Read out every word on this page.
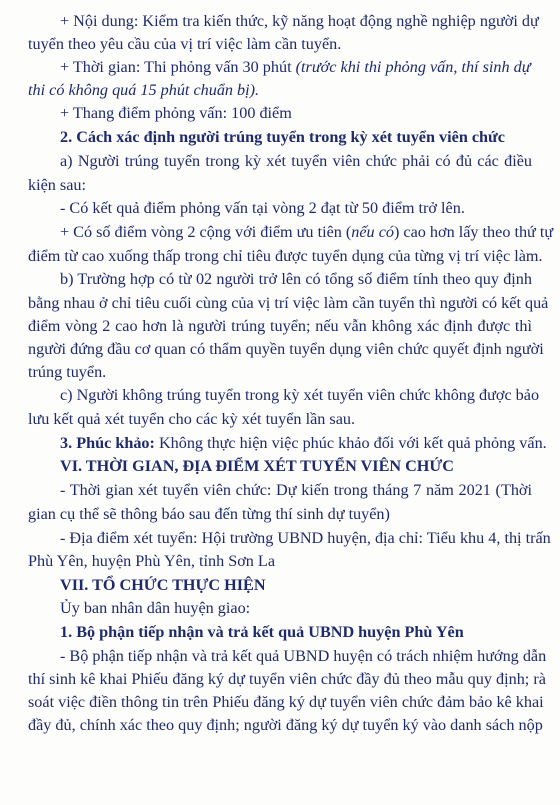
+ Nội dung: Kiểm tra kiến thức, kỹ năng hoạt động nghề nghiệp người dự
tuyển theo yêu cầu của vị trí việc làm cần tuyển.
+ Thời gian: Thi phỏng vấn 30 phút (trước khi thi phỏng vấn, thí sinh dự
thi có không quá 15 phút chuẩn bị).
+ Thang điểm phỏng vấn: 100 điểm
2. Cách xác định người trúng tuyển trong kỳ xét tuyển viên chức
a) Người trúng tuyển trong kỳ xét tuyển viên chức phải có đủ các điều
kiện sau:
- Có kết quả điểm phỏng vấn tại vòng 2 đạt từ 50 điểm trở lên.
+ Có số điểm vòng 2 cộng với điểm ưu tiên (nếu có) cao hơn lấy theo thứ tự
điểm từ cao xuống thấp trong chỉ tiêu được tuyển dụng của từng vị trí việc làm.
b) Trường hợp có từ 02 người trở lên có tổng số điểm tính theo quy định
bằng nhau ở chỉ tiêu cuối cùng của vị trí việc làm cần tuyển thì người có kết quả
điểm vòng 2 cao hơn là người trúng tuyển; nếu vẫn không xác định được thì
người đứng đầu cơ quan có thẩm quyền tuyển dụng viên chức quyết định người
trúng tuyển.
c) Người không trúng tuyển trong kỳ xét tuyển viên chức không được bảo
lưu kết quả xét tuyển cho các kỳ xét tuyển lần sau.
3. Phúc khảo: Không thực hiện việc phúc khảo đối với kết quả phỏng vấn.
VI. THỜI GIAN, ĐỊA ĐIỂM XÉT TUYỂN VIÊN CHỨC
- Thời gian xét tuyển viên chức: Dự kiến trong tháng 7 năm 2021 (Thời
gian cụ thể sẽ thông báo sau đến từng thí sinh dự tuyển)
- Địa điểm xét tuyển: Hội trường UBND huyện, địa chỉ: Tiểu khu 4, thị trấn
Phù Yên, huyện Phù Yên, tỉnh Sơn La
VII. TỔ CHỨC THỰC HIỆN
Ủy ban nhân dân huyện giao:
1. Bộ phận tiếp nhận và trả kết quả UBND huyện Phù Yên
- Bộ phận tiếp nhận và trả kết quả UBND huyện có trách nhiệm hướng dẫn
thí sinh kê khai Phiếu đăng ký dự tuyển viên chức đầy đủ theo mẫu quy định; rà
soát việc điền thông tin trên Phiếu đăng ký dự tuyển viên chức đảm bảo kê khai
đầy đủ, chính xác theo quy định; người đăng ký dự tuyển ký vào danh sách nộp
